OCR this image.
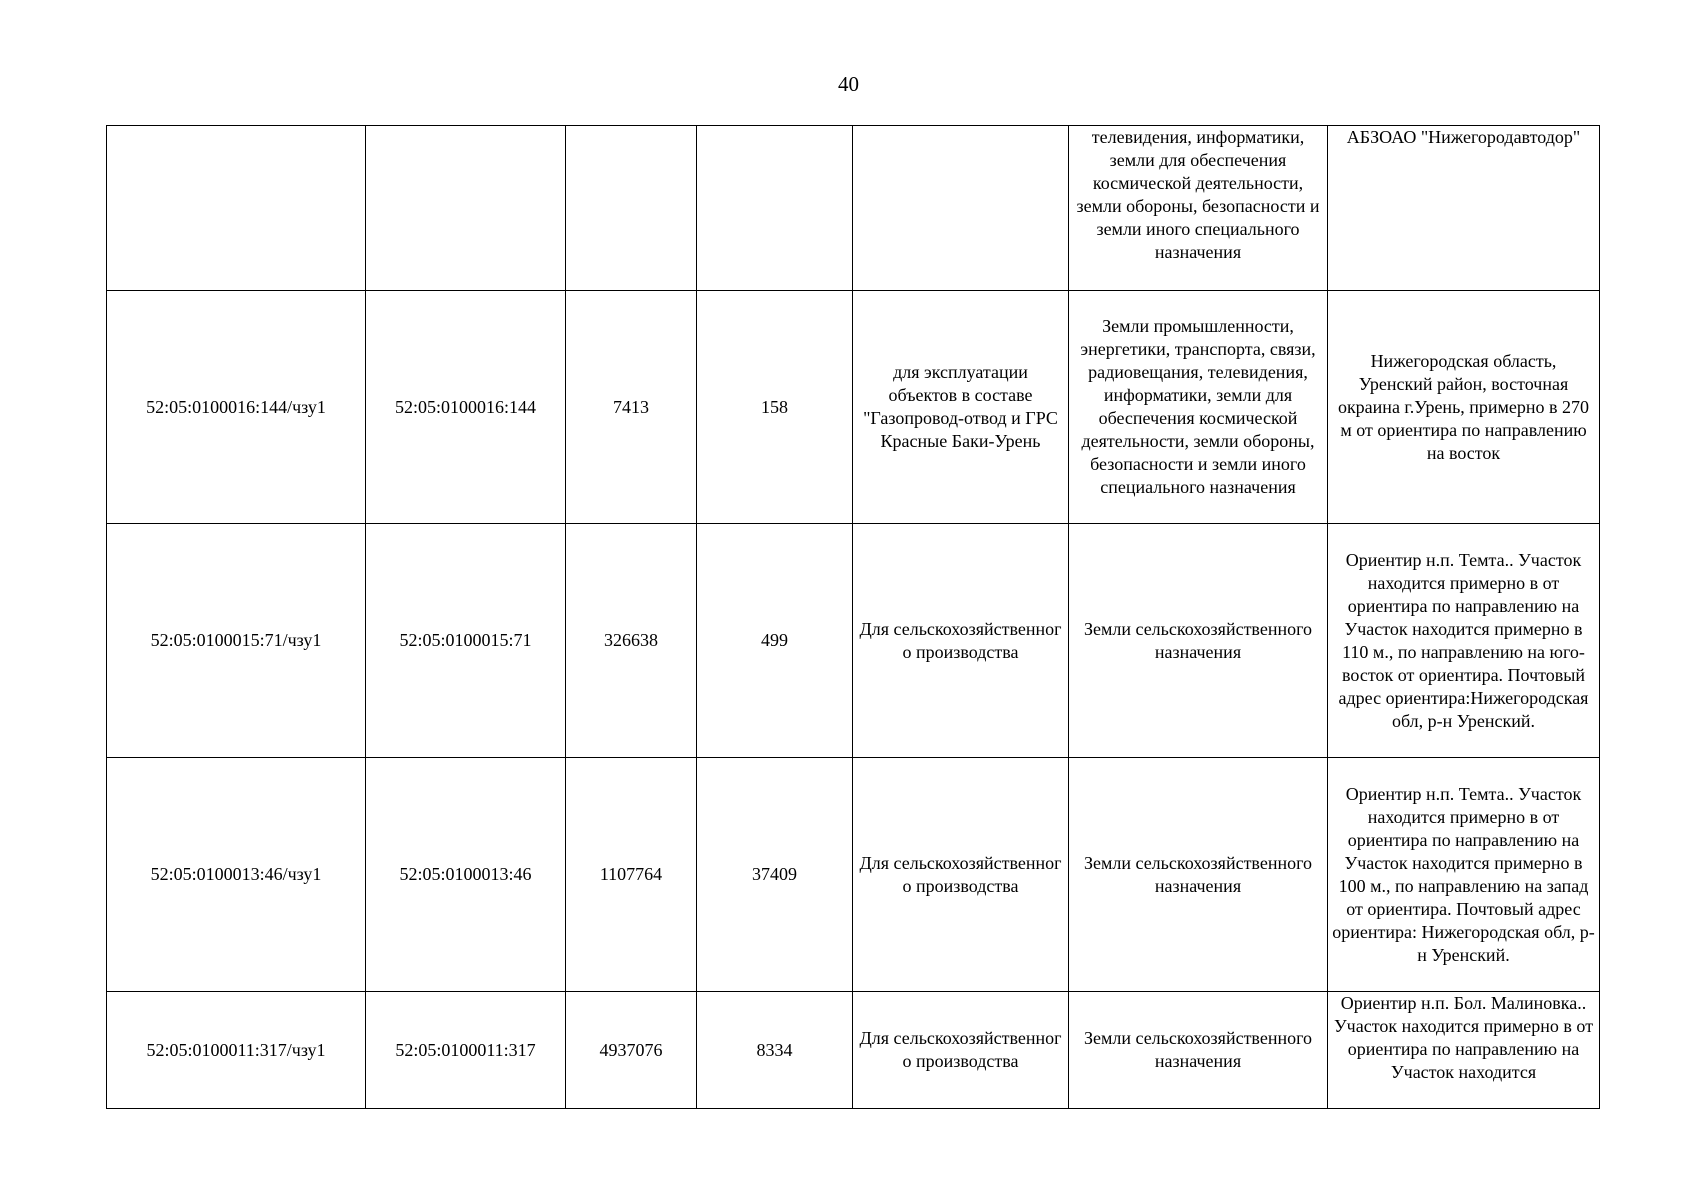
40
					телевидения, информатики, земли для обеспечения космической деятельности, земли обороны, безопасности и земли иного специального назначения	АБЗОАО "Нижегородавтодор"
52:05:0100016:144/чзу1	52:05:0100016:144	7413	158	для эксплуатации объектов в составе "Газопровод-отвод и ГРС Красные Баки-Урень	Земли промышленности, энергетики, транспорта, связи, радиовещания, телевидения, информатики, земли для обеспечения космической деятельности, земли обороны, безопасности и земли иного специального назначения	Нижегородская область, Уренский район, восточная окраина г.Урень, примерно в 270 м от ориентира по направлению на восток
52:05:0100015:71/чзу1	52:05:0100015:71	326638	499	Для сельскохозяйственног о производства	Земли сельскохозяйственного назначения	Ориентир н.п. Темта.. Участок находится примерно в от ориентира по направлению на Участок находится примерно в 110 м., по направлению на юго-восток от ориентира. Почтовый адрес ориентира:Нижегородская обл, р-н Уренский.
52:05:0100013:46/чзу1	52:05:0100013:46	1107764	37409	Для сельскохозяйственног о производства	Земли сельскохозяйственного назначения	Ориентир н.п. Темта.. Участок находится примерно в от ориентира по направлению на Участок находится примерно в 100 м., по направлению на запад от ориентира. Почтовый адрес ориентира: Нижегородская обл, р-н Уренский.
52:05:0100011:317/чзу1	52:05:0100011:317	4937076	8334	Для сельскохозяйственног о производства	Земли сельскохозяйственного назначения	Ориентир н.п. Бол. Малиновка.. Участок находится примерно в от ориентира по направлению на Участок находится
